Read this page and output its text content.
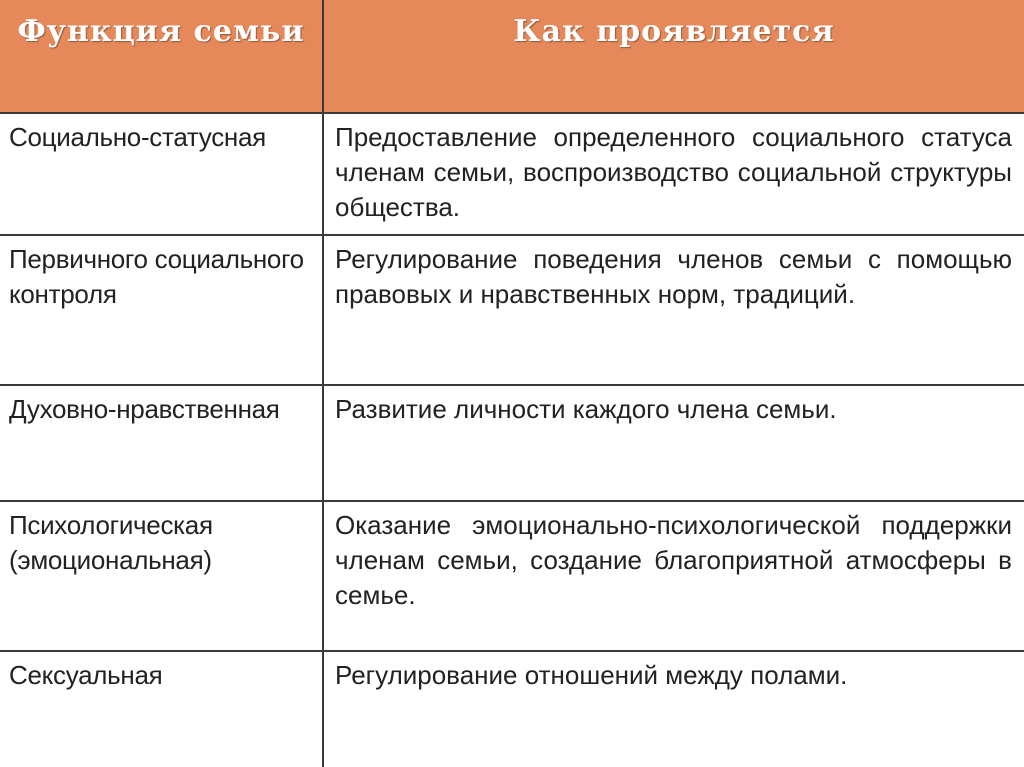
Функция семьи	Как проявляется
Социально-статусная	Предоставление определенного социального статуса членам семьи, воспроизводство социальной структуры общества.
Первичного социального контроля	Регулирование поведения членов семьи с помощью правовых и нравственных норм, традиций.
Духовно-нравственная	Развитие личности каждого члена семьи.
Психологическая (эмоциональная)	Оказание эмоционально-психологической поддержки членам семьи, создание благоприятной атмосферы в семье.
Сексуальная	Регулирование отношений между полами.
